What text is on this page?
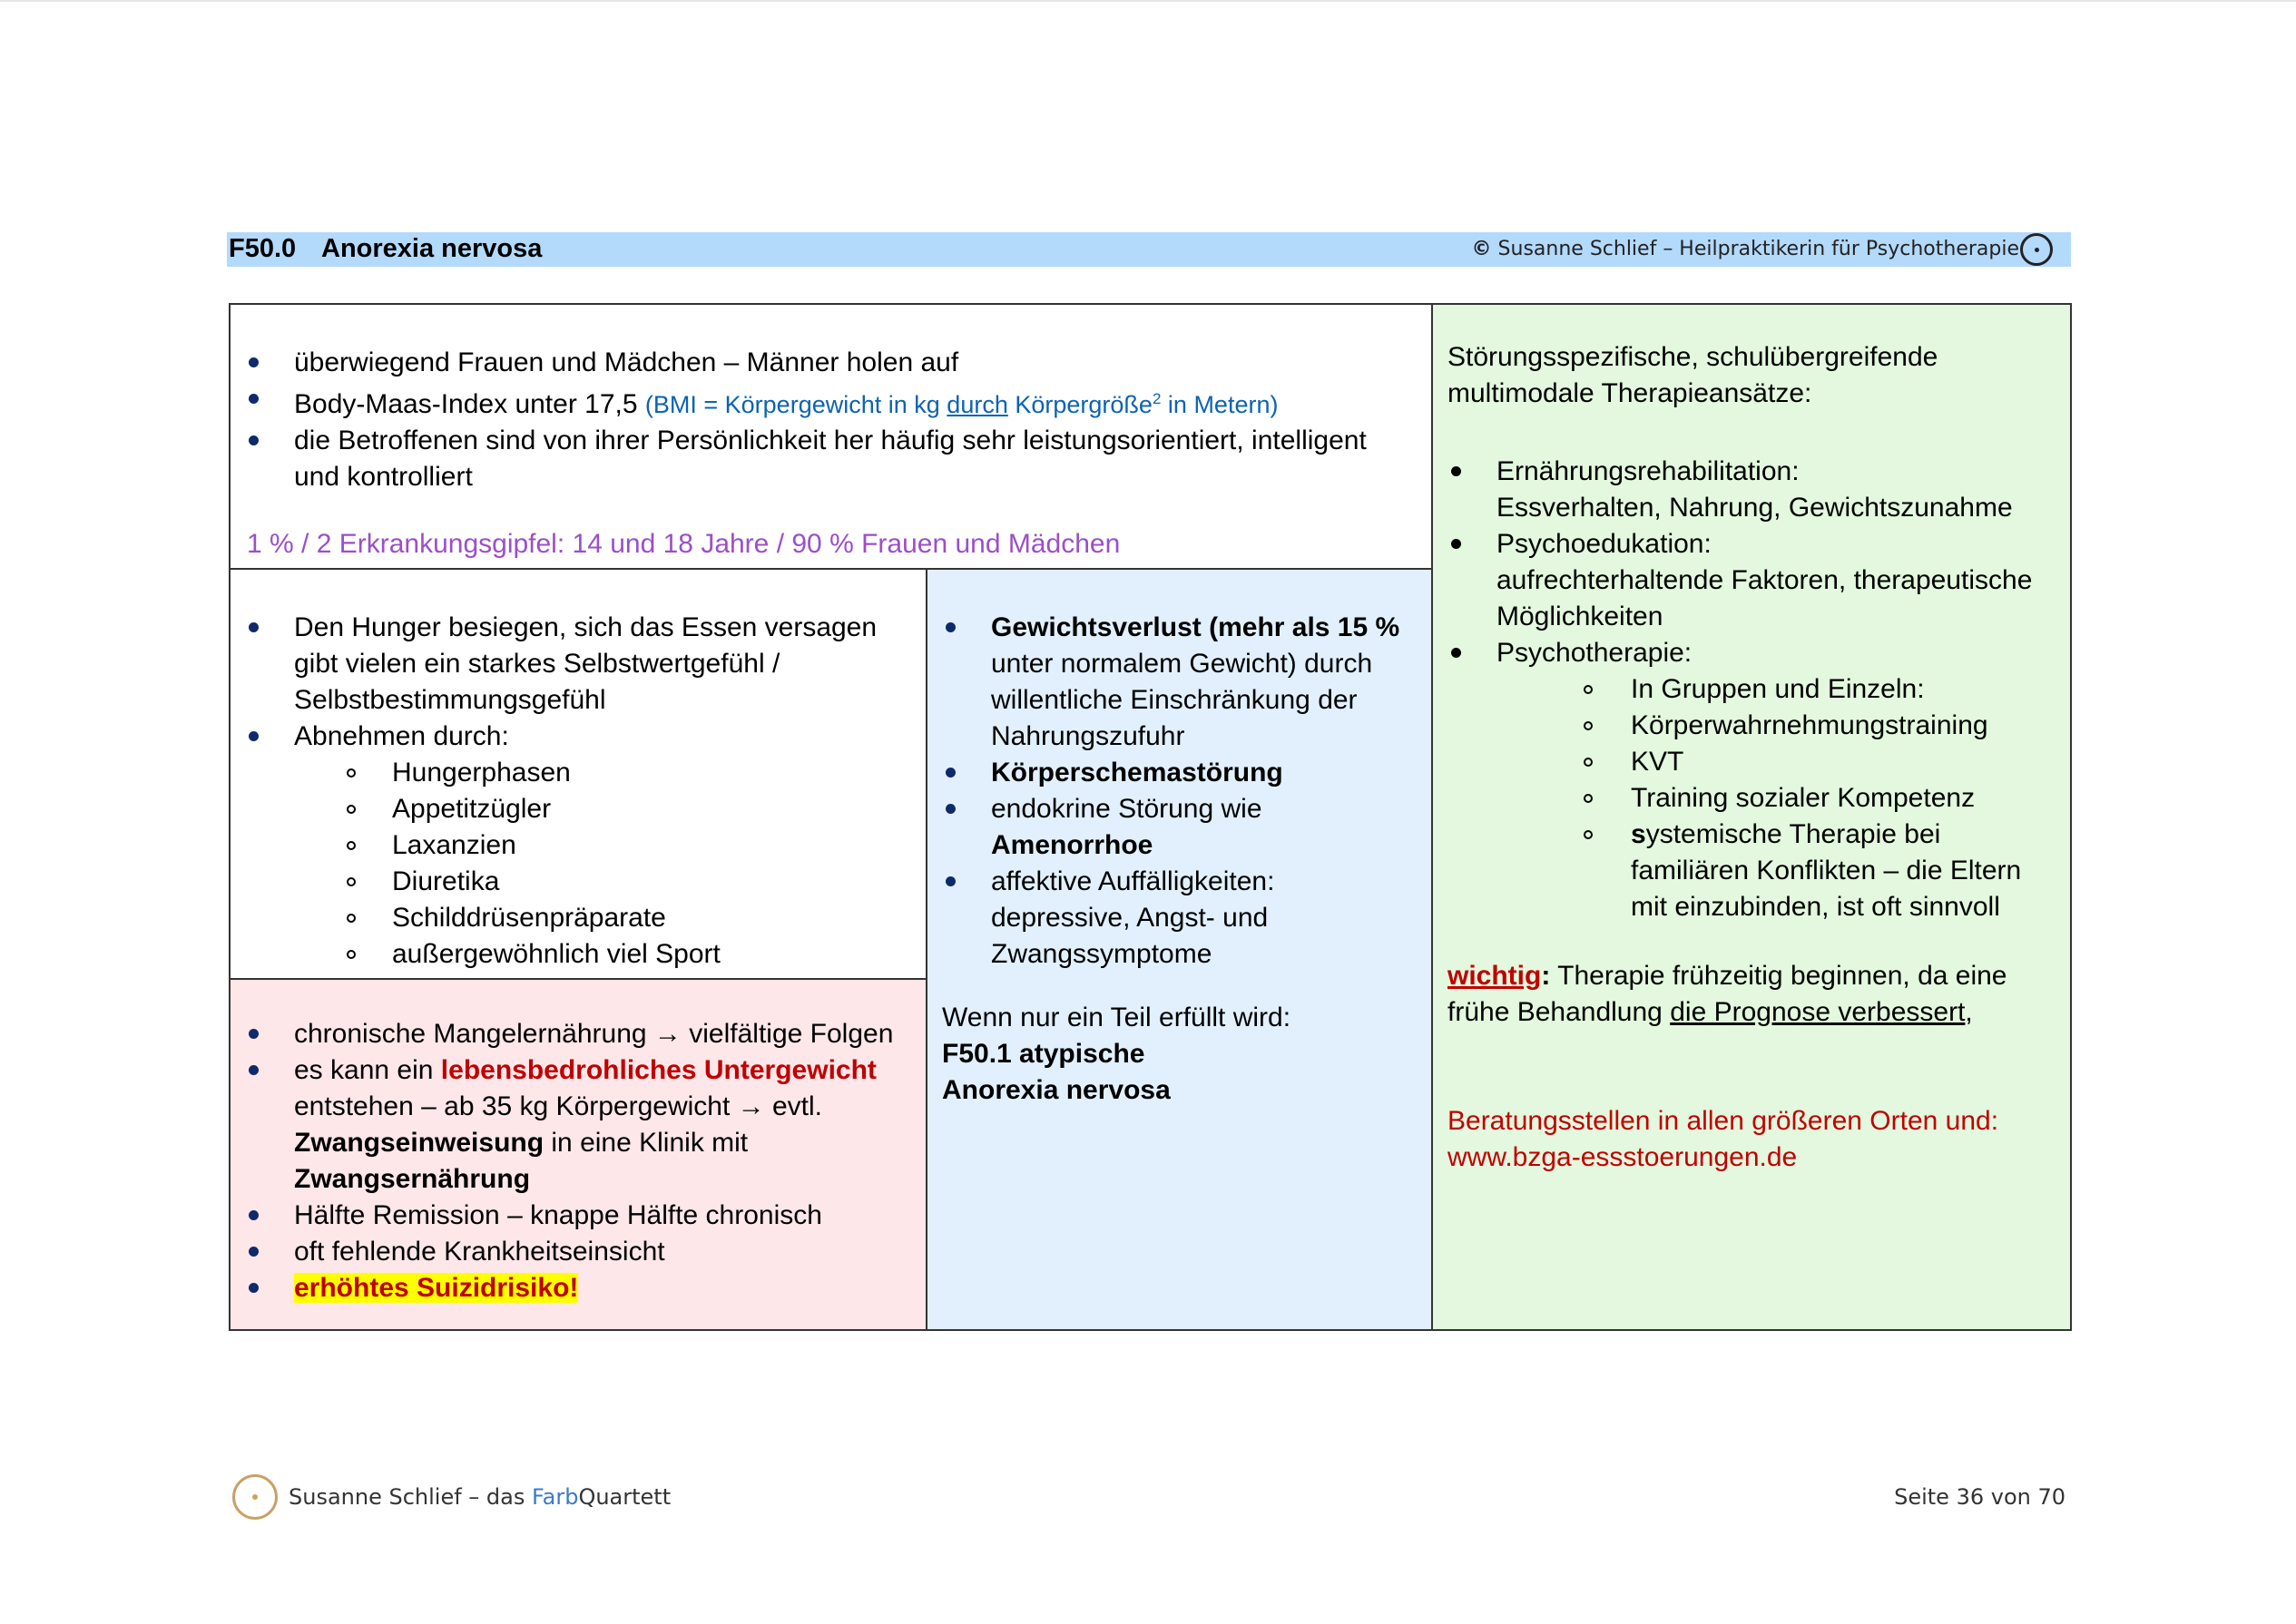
F50.0 Anorexia nervosa	© Susanne Schlief – Heilpraktikerin für Psychotherapie
überwiegend Frauen und Mädchen – Männer holen auf
Body-Maas-Index unter 17,5 (BMI = Körpergewicht in kg durch Körpergröße$^2$ in Metern)
die Betroffenen sind von ihrer Persönlichkeit her häufig sehr leistungsorientiert, intelligent und kontrolliert
1 % / 2 Erkrankungsgipfel: 14 und 18 Jahre / 90 % Frauen und Mädchen
Den Hunger besiegen, sich das Essen versagen gibt vielen ein starkes Selbstwertgefühl / Selbstbestimmungsgefühl
Abnehmen durch:
Hungerphasen
Appetitzügler
Laxanzien
Diuretika
Schilddrüsenpräparate
außergewöhnlich viel Sport
chronische Mangelernährung → vielfältige Folgen
es kann ein lebensbedrohliches Untergewicht entstehen – ab 35 kg Körpergewicht → evtl. Zwangseinweisung in eine Klinik mit Zwangsernährung
Hälfte Remission – knappe Hälfte chronisch
oft fehlende Krankheitseinsicht
erhöhtes Suizidrisiko!
Gewichtsverlust (mehr als 15 % unter normalem Gewicht) durch willentliche Einschränkung der Nahrungszufuhr
Körperschemastörung
endokrine Störung wie Amenorrhoe
affektive Auffälligkeiten: depressive, Angst- und Zwangssymptome
Wenn nur ein Teil erfüllt wird:
F50.1 atypische
Anorexia nervosa
Störungsspezifische, schulübergreifende multimodale Therapieansätze:
Ernährungsrehabilitation:
Essverhalten, Nahrung, Gewichtszunahme
Psychoedukation:
aufrechterhaltende Faktoren, therapeutische Möglichkeiten
Psychotherapie:
In Gruppen und Einzeln:
Körperwahrnehmungstraining
KVT
Training sozialer Kompetenz
systemische Therapie bei familiären Konflikten – die Eltern mit einzubinden, ist oft sinnvoll
wichtig: Therapie frühzeitig beginnen, da eine frühe Behandlung die Prognose verbessert,
Beratungsstellen in allen größeren Orten und: www.bzga-essstoerungen.de
Susanne Schlief – das FarbQuartett	Seite 36 von 70
